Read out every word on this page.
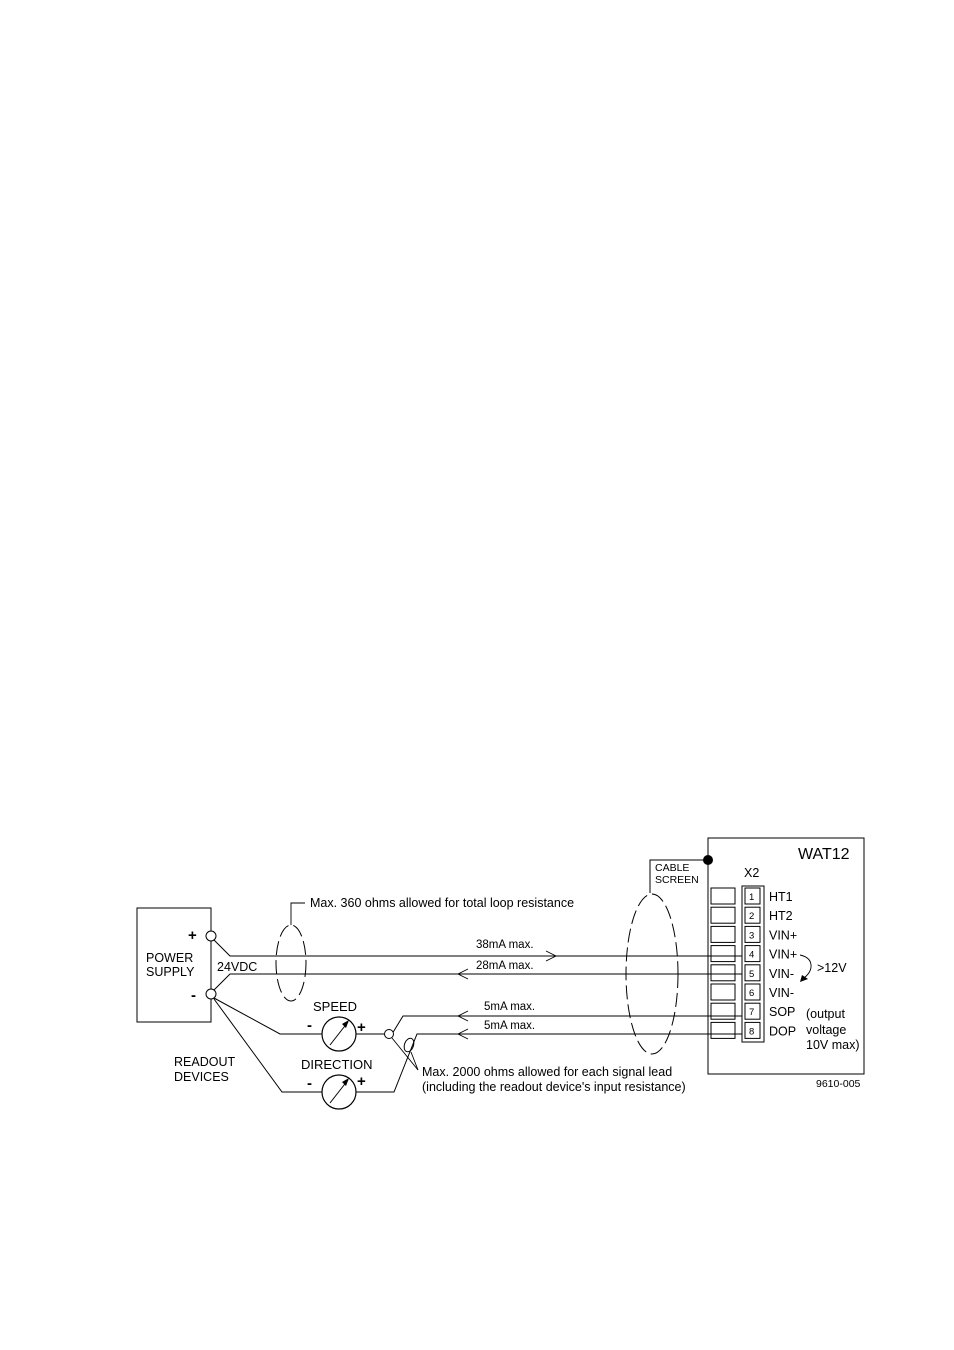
POWER
SUPPLY
+
-
24VDC
38mA max.
28mA max.
5mA max.
5mA max.
SPEED
-	+
DIRECTION
-	+
Max. 2000 ohms allowed for each signal lead
(including the readout device's input resistance)
READOUT
DEVICES
Max. 360 ohms allowed for total loop resistance
CABLE
SCREEN
WAT12
X2
1 HT1
2 HT2
3 VIN+
4 VIN+
5 VIN-
6 VIN-
7 SOP
8 DOP
>12V
(output
voltage
10V max)
9610-005
